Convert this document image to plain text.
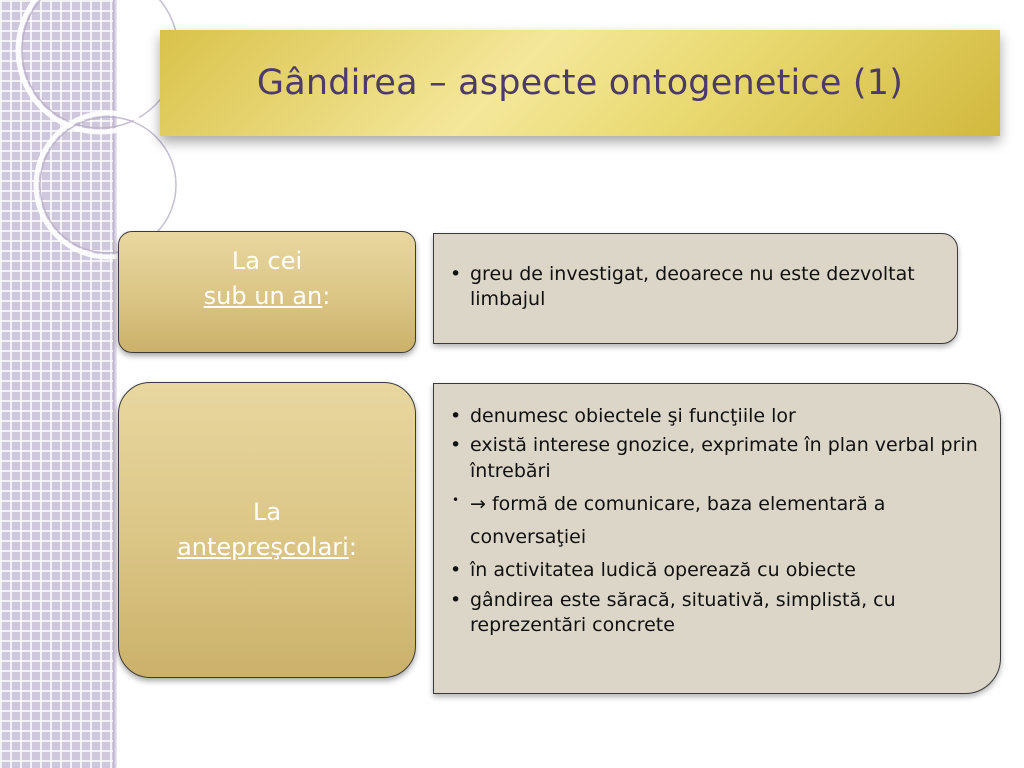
Gândirea – aspecte ontogenetice (1)
La cei
sub un an:
• greu de investigat, deoarece nu este dezvoltat limbajul
La
antepreşcolari:
• denumesc obiectele şi funcţiile lor
• există interese gnozice, exprimate în plan verbal prin întrebări
• → formă de comunicare, baza elementară a conversaţiei
• în activitatea ludică operează cu obiecte
• gândirea este săracă, situativă, simplistă, cu reprezentări concrete
